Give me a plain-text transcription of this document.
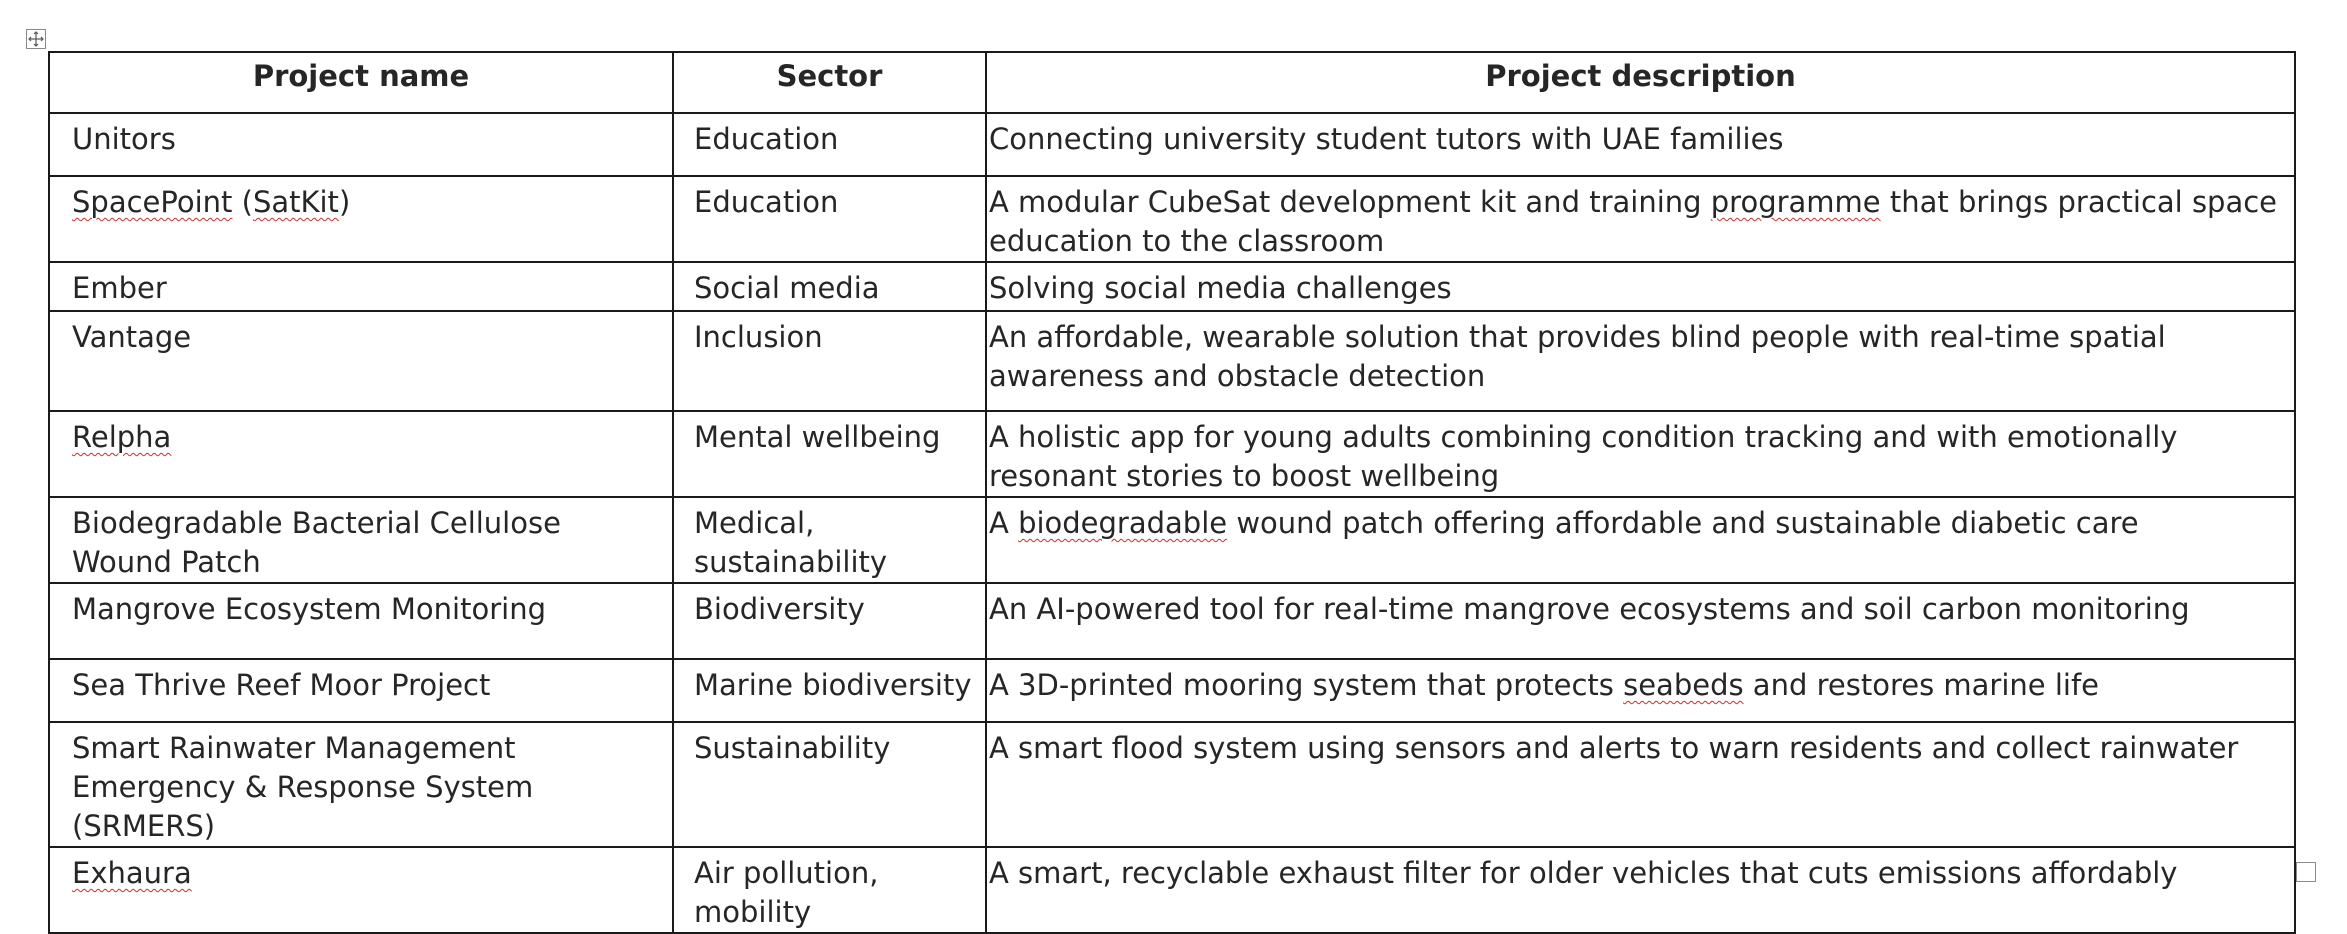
Project name	Sector	Project description
Unitors	Education	Connecting university student tutors with UAE families
SpacePoint (SatKit)	Education	A modular CubeSat development kit and training programme that brings practical space education to the classroom
Ember	Social media	Solving social media challenges
Vantage	Inclusion	An affordable, wearable solution that provides blind people with real-time spatial awareness and obstacle detection
Relpha	Mental wellbeing	A holistic app for young adults combining condition tracking and with emotionally resonant stories to boost wellbeing
Biodegradable Bacterial Cellulose Wound Patch	Medical, sustainability	A biodegradable wound patch offering affordable and sustainable diabetic care
Mangrove Ecosystem Monitoring	Biodiversity	An AI-powered tool for real-time mangrove ecosystems and soil carbon monitoring
Sea Thrive Reef Moor Project	Marine biodiversity	A 3D-printed mooring system that protects seabeds and restores marine life
Smart Rainwater Management Emergency & Response System (SRMERS)	Sustainability	A smart flood system using sensors and alerts to warn residents and collect rainwater
Exhaura	Air pollution, mobility	A smart, recyclable exhaust filter for older vehicles that cuts emissions affordably
